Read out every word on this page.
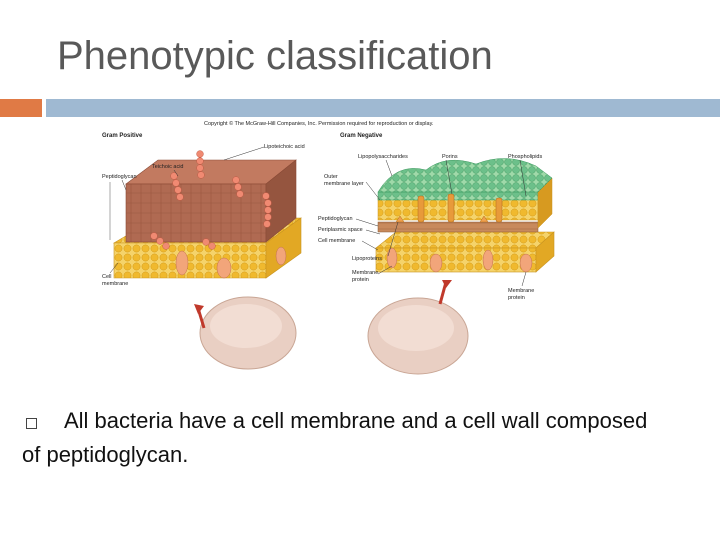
Phenotypic classification
Copyright © The McGraw-Hill Companies, Inc. Permission required for reproduction or display.
Gram Positive	Gram Negative
Lipoteichoic acid
Teichoic acid
Peptidoglycan
Cell
membrane
Lipopolysaccharides	Porins	Phospholipids
Outer
membrane layer
Peptidoglycan
Periplasmic space
Cell membrane
Lipoproteins
Membrane
protein
Membrane
protein
All bacteria have a cell membrane and a cell wall composed of peptidoglycan.
